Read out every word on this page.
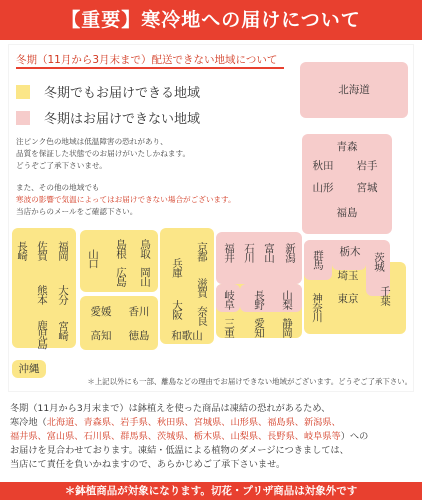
【重要】寒冷地への届けについて
冬期（11月から3月末まで）配送できない地域について
冬期でもお届けできる地域
冬期はお届けできない地域
注ピンク色の地域は低温障害の恐れがあり、
品質を保証した状態でのお届けがいたしかねます。
どうぞご了承下さいませ。
また、その他の地域でも
寒波の影響で気温によってはお届けできない場合がございます。
当店からのメールをご確認下さい。
北海道
青森
秋田	岩手
山形	宮城
福島
群馬	栃木	茨城
埼玉
東京
神奈川	千葉
福井 石川 富山 新潟
岐阜 長野 山梨
三重 愛知 静岡
京都
兵庫
滋賀
大阪 奈良
和歌山
山口
島根 鳥取
広島 岡山
愛媛	香川
高知	徳島
長崎 佐賀 福岡
熊本 大分
鹿児島 宮崎
沖縄
＊上記以外にも一部、離島などの理由でお届けできない地域がございます。どうぞご了承下さい。
冬期（11月から3月末まで）は鉢植えを使った商品は凍結の恐れがあるため、
寒冷地（北海道、青森県、岩手県、秋田県、宮城県、山形県、福島県、新潟県、
福井県、富山県、石川県、群馬県、茨城県、栃木県、山梨県、長野県、岐阜県等）への
お届けを見合わせております。凍結・低温による植物のダメージにつきましては、
当店にて責任を負いかねますので、あらかじめご了承下さいませ。
＊鉢植商品が対象になります。切花・プリザ商品は対象外です
